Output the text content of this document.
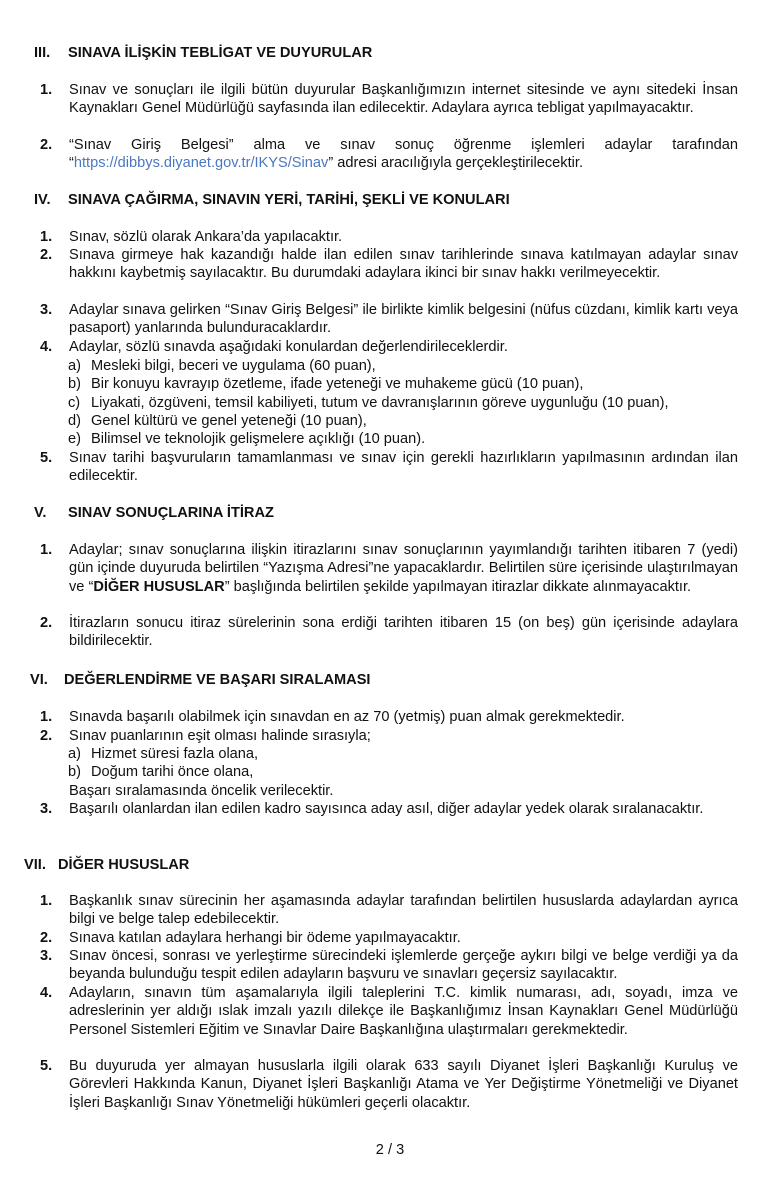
III. SINAVA İLİŞKİN TEBLİGAT VE DUYURULAR
1. Sınav ve sonuçları ile ilgili bütün duyurular Başkanlığımızın internet sitesinde ve aynı sitedeki İnsan Kaynakları Genel Müdürlüğü sayfasında ilan edilecektir. Adaylara ayrıca tebligat yapılmayacaktır.
2. “Sınav Giriş Belgesi” alma ve sınav sonuç öğrenme işlemleri adaylar tarafından “https://dibbys.diyanet.gov.tr/IKYS/Sinav” adresi aracılığıyla gerçekleştirilecektir.
IV. SINAVA ÇAĞIRMA, SINAVIN YERİ, TARİHİ, ŞEKLİ VE KONULARI
1. Sınav, sözlü olarak Ankara’da yapılacaktır.
2. Sınava girmeye hak kazandığı halde ilan edilen sınav tarihlerinde sınava katılmayan adaylar sınav hakkını kaybetmiş sayılacaktır. Bu durumdaki adaylara ikinci bir sınav hakkı verilmeyecektir.
3. Adaylar sınava gelirken “Sınav Giriş Belgesi” ile birlikte kimlik belgesini (nüfus cüzdanı, kimlik kartı veya pasaport) yanlarında bulunduracaklardır.
4. Adaylar, sözlü sınavda aşağıdaki konulardan değerlendirileceklerdir.
a) Mesleki bilgi, beceri ve uygulama (60 puan),
b) Bir konuyu kavrayıp özetleme, ifade yeteneği ve muhakeme gücü (10 puan),
c) Liyakati, özgüveni, temsil kabiliyeti, tutum ve davranışlarının göreve uygunluğu (10 puan),
d) Genel kültürü ve genel yeteneği (10 puan),
e) Bilimsel ve teknolojik gelişmelere açıklığı (10 puan).
5. Sınav tarihi başvuruların tamamlanması ve sınav için gerekli hazırlıkların yapılmasının ardından ilan edilecektir.
V. SINAV SONUÇLARINA İTİRAZ
1. Adaylar; sınav sonuçlarına ilişkin itirazlarını sınav sonuçlarının yayımlandığı tarihten itibaren 7 (yedi) gün içinde duyuruda belirtilen “Yazışma Adresi”ne yapacaklardır. Belirtilen süre içerisinde ulaştırılmayan ve “DİĞER HUSUSLAR” başlığında belirtilen şekilde yapılmayan itirazlar dikkate alınmayacaktır.
2. İtirazların sonucu itiraz sürelerinin sona erdiği tarihten itibaren 15 (on beş) gün içerisinde adaylara bildirilecektir.
VI. DEĞERLENDİRME VE BAŞARI SIRALAMASI
1. Sınavda başarılı olabilmek için sınavdan en az 70 (yetmiş) puan almak gerekmektedir.
2. Sınav puanlarının eşit olması halinde sırasıyla;
a) Hizmet süresi fazla olana,
b) Doğum tarihi önce olana,
Başarı sıralamasında öncelik verilecektir.
3. Başarılı olanlardan ilan edilen kadro sayısınca aday asıl, diğer adaylar yedek olarak sıralanacaktır.
VII. DİĞER HUSUSLAR
1. Başkanlık sınav sürecinin her aşamasında adaylar tarafından belirtilen hususlarda adaylardan ayrıca bilgi ve belge talep edebilecektir.
2. Sınava katılan adaylara herhangi bir ödeme yapılmayacaktır.
3. Sınav öncesi, sonrası ve yerleştirme sürecindeki işlemlerde gerçeğe aykırı bilgi ve belge verdiği ya da beyanda bulunduğu tespit edilen adayların başvuru ve sınavları geçersiz sayılacaktır.
4. Adayların, sınavın tüm aşamalarıyla ilgili taleplerini T.C. kimlik numarası, adı, soyadı, imza ve adreslerinin yer aldığı ıslak imzalı yazılı dilekçe ile Başkanlığımız İnsan Kaynakları Genel Müdürlüğü Personel Sistemleri Eğitim ve Sınavlar Daire Başkanlığına ulaştırmaları gerekmektedir.
5. Bu duyuruda yer almayan hususlarla ilgili olarak 633 sayılı Diyanet İşleri Başkanlığı Kuruluş ve Görevleri Hakkında Kanun, Diyanet İşleri Başkanlığı Atama ve Yer Değiştirme Yönetmeliği ve Diyanet İşleri Başkanlığı Sınav Yönetmeliği hükümleri geçerli olacaktır.
2 / 3
